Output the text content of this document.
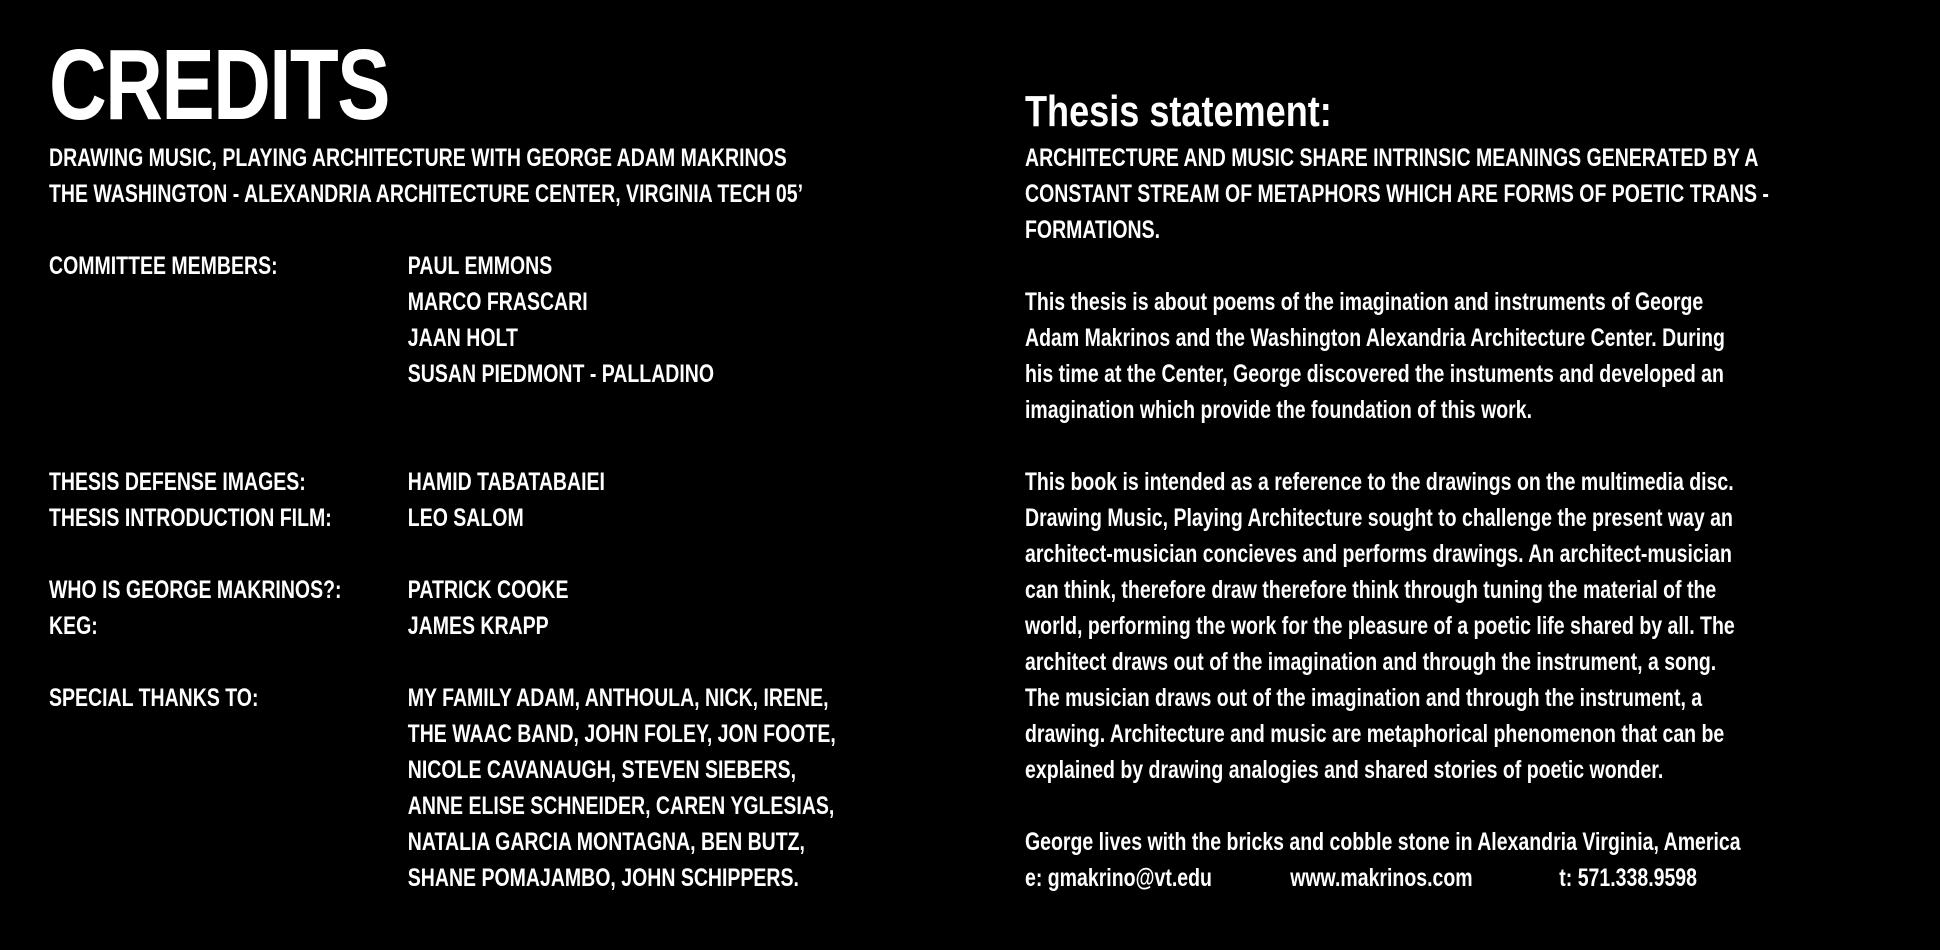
CREDITS
DRAWING MUSIC, PLAYING ARCHITECTURE WITH GEORGE ADAM MAKRINOS
THE WASHINGTON - ALEXANDRIA ARCHITECTURE CENTER, VIRGINIA TECH 05’
COMMITTEE MEMBERS:	PAUL EMMONS
MARCO FRASCARI
JAAN HOLT
SUSAN PIEDMONT - PALLADINO
THESIS DEFENSE IMAGES:	HAMID TABATABAIEI
THESIS INTRODUCTION FILM:	LEO SALOM
WHO IS GEORGE MAKRINOS?:	PATRICK COOKE
KEG:	JAMES KRAPP
SPECIAL THANKS TO:	MY FAMILY ADAM, ANTHOULA, NICK, IRENE,
THE WAAC BAND, JOHN FOLEY, JON FOOTE,
NICOLE CAVANAUGH, STEVEN SIEBERS,
ANNE ELISE SCHNEIDER, CAREN YGLESIAS,
NATALIA GARCIA MONTAGNA, BEN BUTZ,
SHANE POMAJAMBO, JOHN SCHIPPERS.
Thesis statement:
ARCHITECTURE AND MUSIC SHARE INTRINSIC MEANINGS GENERATED BY A
CONSTANT STREAM OF METAPHORS WHICH ARE FORMS OF POETIC TRANS -
FORMATIONS.
This thesis is about poems of the imagination and instruments of George
Adam Makrinos and the Washington Alexandria Architecture Center. During
his time at the Center, George discovered the instuments and developed an
imagination which provide the foundation of this work.
This book is intended as a reference to the drawings on the multimedia disc.
Drawing Music, Playing Architecture sought to challenge the present way an
architect-musician concieves and performs drawings. An architect-musician
can think, therefore draw therefore think through tuning the material of the
world, performing the work for the pleasure of a poetic life shared by all. The
architect draws out of the imagination and through the instrument, a song.
The musician draws out of the imagination and through the instrument, a
drawing. Architecture and music are metaphorical phenomenon that can be
explained by drawing analogies and shared stories of poetic wonder.
George lives with the bricks and cobble stone in Alexandria Virginia, America
e: gmakrino@vt.edu	www.makrinos.com	t: 571.338.9598
